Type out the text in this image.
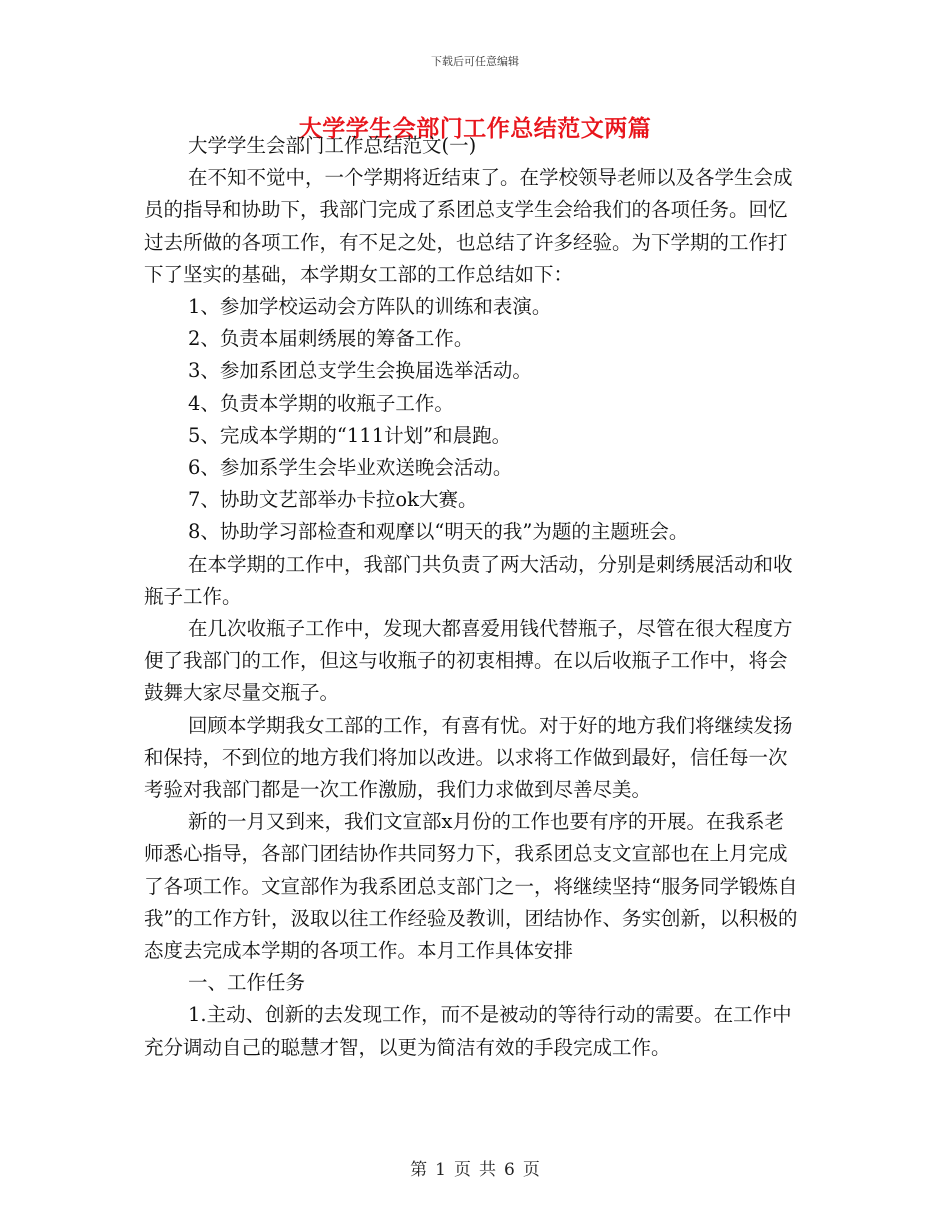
下载后可任意编辑
大学学生会部门工作总结范文两篇

大学学生会部门工作总结范文(一)

在不知不觉中，一个学期将近结束了。在学校领导老师以及各学生会成员的指导和协助下，我部门完成了系团总支学生会给我们的各项任务。回忆过去所做的各项工作，有不足之处，也总结了许多经验。为下学期的工作打下了坚实的基础，本学期女工部的工作总结如下：

1、参加学校运动会方阵队的训练和表演。

2、负责本届刺绣展的筹备工作。

3、参加系团总支学生会换届选举活动。

4、负责本学期的收瓶子工作。

5、完成本学期的“111计划”和晨跑。

6、参加系学生会毕业欢送晚会活动。

7、协助文艺部举办卡拉ok大赛。

8、协助学习部检查和观摩以“明天的我”为题的主题班会。

在本学期的工作中，我部门共负责了两大活动，分别是刺绣展活动和收瓶子工作。

在几次收瓶子工作中，发现大都喜爱用钱代替瓶子，尽管在很大程度方便了我部门的工作，但这与收瓶子的初衷相搏。在以后收瓶子工作中，将会鼓舞大家尽量交瓶子。

回顾本学期我女工部的工作，有喜有忧。对于好的地方我们将继续发扬和保持，不到位的地方我们将加以改进。以求将工作做到最好，信任每一次考验对我部门都是一次工作激励，我们力求做到尽善尽美。

新的一月又到来，我们文宣部x月份的工作也要有序的开展。在我系老师悉心指导，各部门团结协作共同努力下，我系团总支文宣部也在上月完成了各项工作。文宣部作为我系团总支部门之一，将继续坚持“服务同学锻炼自我”的工作方针，汲取以往工作经验及教训，团结协作、务实创新，以积极的态度去完成本学期的各项工作。本月工作具体安排

一、工作任务

1.主动、创新的去发现工作，而不是被动的等待行动的需要。在工作中充分调动自己的聪慧才智，以更为简洁有效的手段完成工作。

第 1 页 共 6 页
